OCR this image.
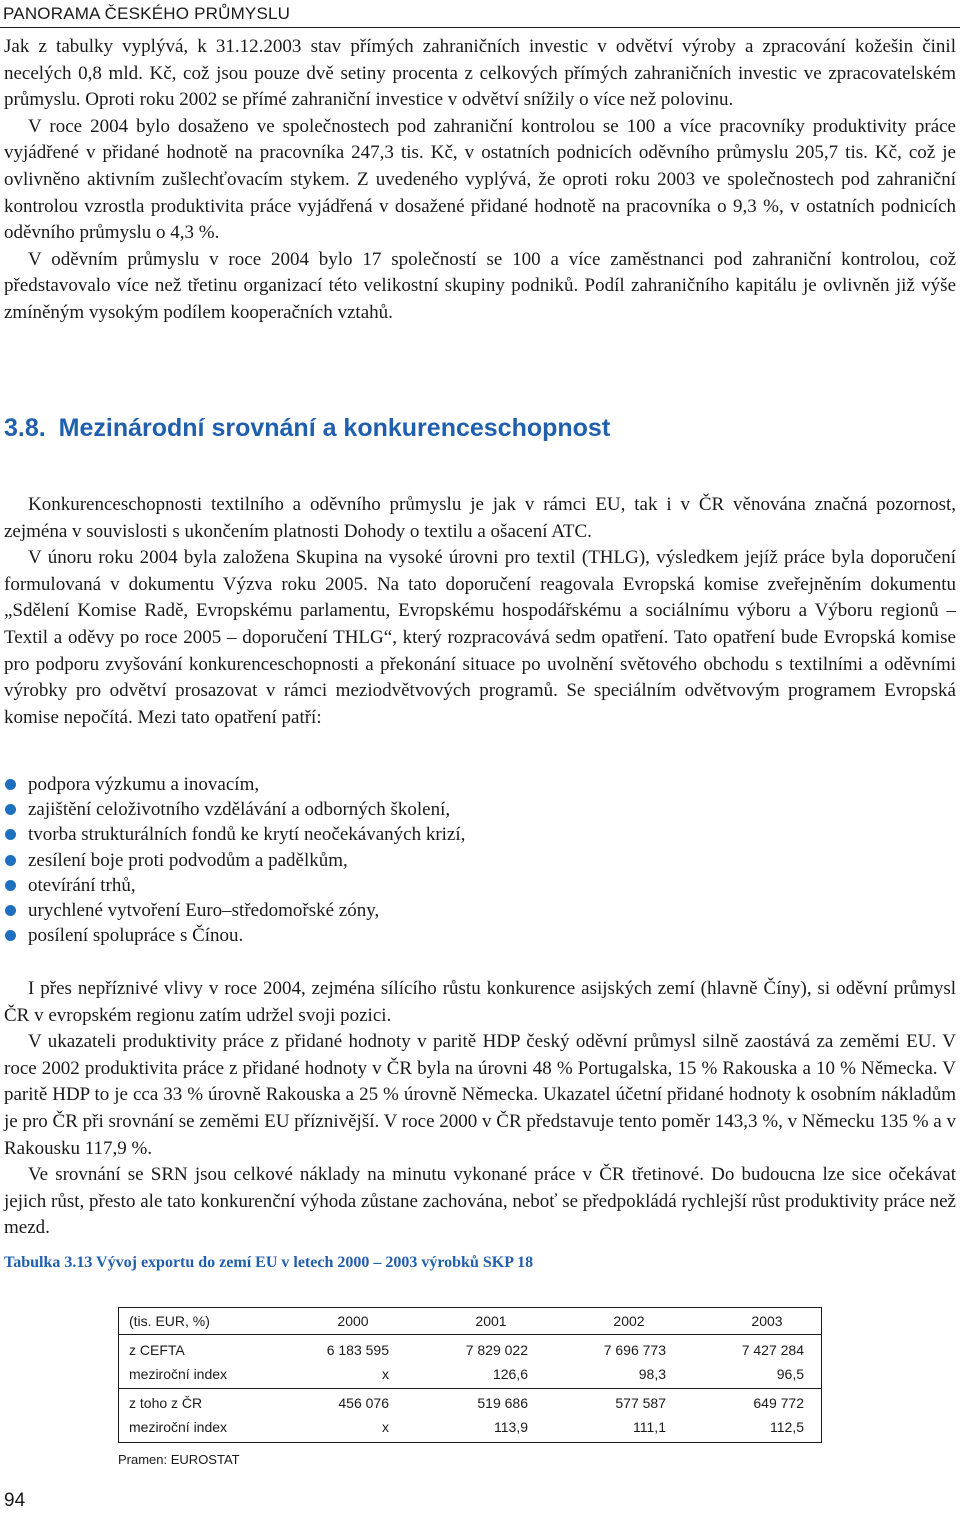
PANORAMA ČESKÉHO PRŮMYSLU

Jak z tabulky vyplývá, k 31.12.2003 stav přímých zahraničních investic v odvětví výroby a zpracování kožešin činil necelých 0,8 mld. Kč, což jsou pouze dvě setiny procenta z celkových přímých zahraničních investic ve zpracovatelském průmyslu. Oproti roku 2002 se přímé zahraniční investice v odvětví snížily o více než polovinu.

V roce 2004 bylo dosaženo ve společnostech pod zahraniční kontrolou se 100 a více pracovníky produktivity práce vyjádřené v přidané hodnotě na pracovníka 247,3 tis. Kč, v ostatních podnicích oděvního průmyslu 205,7 tis. Kč, což je ovlivněno aktivním zušlechťovacím stykem. Z uvedeného vyplývá, že oproti roku 2003 ve společnostech pod zahraniční kontrolou vzrostla produktivita práce vyjádřená v dosažené přidané hodnotě na pracovníka o 9,3 %, v ostatních podnicích oděvního průmyslu o 4,3 %.

V oděvním průmyslu v roce 2004 bylo 17 společností se 100 a více zaměstnanci pod zahraniční kontrolou, což představovalo více než třetinu organizací této velikostní skupiny podniků. Podíl zahraničního kapitálu je ovlivněn již výše zmíněným vysokým podílem kooperačních vztahů.

3.8. Mezinárodní srovnání a konkurenceschopnost

Konkurenceschopnosti textilního a oděvního průmyslu je jak v rámci EU, tak i v ČR věnována značná pozornost, zejména v souvislosti s ukončením platnosti Dohody o textilu a ošacení ATC.

V únoru roku 2004 byla založena Skupina na vysoké úrovni pro textil (THLG), výsledkem jejíž práce byla doporučení formulovaná v dokumentu Výzva roku 2005. Na tato doporučení reagovala Evropská komise zveřejněním dokumentu „Sdělení Komise Radě, Evropskému parlamentu, Evropskému hospodářskému a sociálnímu výboru a Výboru regionů – Textil a oděvy po roce 2005 – doporučení THLG“, který rozpracovává sedm opatření. Tato opatření bude Evropská komise pro podporu zvyšování konkurenceschopnosti a překonání situace po uvolnění světového obchodu s textilními a oděvními výrobky pro odvětví prosazovat v rámci meziodvětvových programů. Se speciálním odvětvovým programem Evropská komise nepočítá. Mezi tato opatření patří:

podpora výzkumu a inovacím,
zajištění celoživotního vzdělávání a odborných školení,
tvorba strukturálních fondů ke krytí neočekávaných krizí,
zesílení boje proti podvodům a padělkům,
otevírání trhů,
urychlené vytvoření Euro–středomořské zóny,
posílení spolupráce s Čínou.

I přes nepříznivé vlivy v roce 2004, zejména sílícího růstu konkurence asijských zemí (hlavně Číny), si oděvní průmysl ČR v evropském regionu zatím udržel svoji pozici.

V ukazateli produktivity práce z přidané hodnoty v paritě HDP český oděvní průmysl silně zaostává za zeměmi EU. V roce 2002 produktivita práce z přidané hodnoty v ČR byla na úrovni 48 % Portugalska, 15 % Rakouska a 10 % Německa. V paritě HDP to je cca 33 % úrovně Rakouska a 25 % úrovně Německa. Ukazatel účetní přidané hodnoty k osobním nákladům je pro ČR při srovnání se zeměmi EU příznivější. V roce 2000 v ČR představuje tento poměr 143,3 %, v Německu 135 % a v Rakousku 117,9 %.

Ve srovnání se SRN jsou celkové náklady na minutu vykonané práce v ČR třetinové. Do budoucna lze sice očekávat jejich růst, přesto ale tato konkurenční výhoda zůstane zachována, neboť se předpokládá rychlejší růst produktivity práce než mezd.

Tabulka 3.13 Vývoj exportu do zemí EU v letech 2000 – 2003 výrobků SKP 18
(tis. EUR, %)	2000	2001	2002	2003
z CEFTA	6 183 595	7 829 022	7 696 773	7 427 284
meziroční index	x	126,6	98,3	96,5
z toho z ČR	456 076	519 686	577 587	649 772
meziroční index	x	113,9	111,1	112,5
Pramen: EUROSTAT
94
